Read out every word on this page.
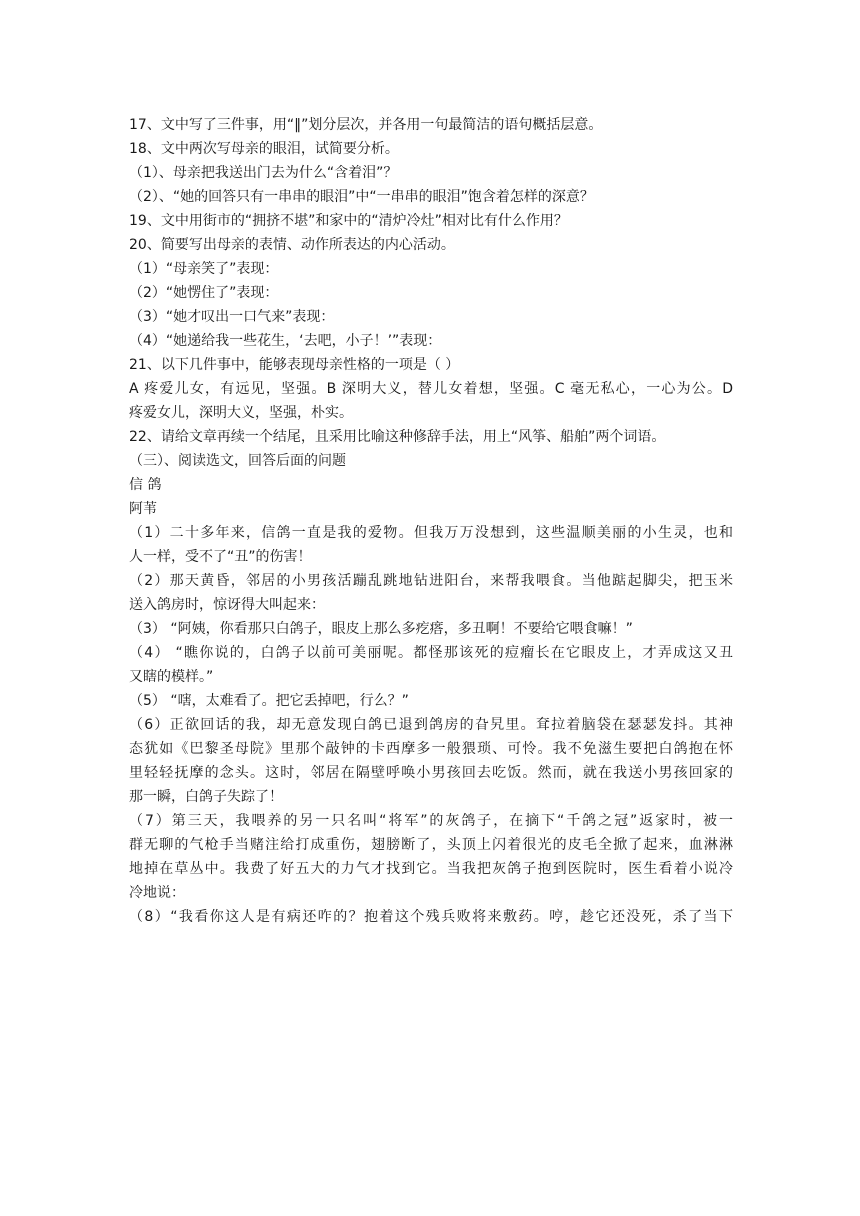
17、文中写了三件事，用“‖”划分层次，并各用一句最简洁的语句概括层意。
18、文中两次写母亲的眼泪，试简要分析。
（1）、母亲把我送出门去为什么“含着泪”？
（2）、“她的回答只有一串串的眼泪”中“一串串的眼泪”饱含着怎样的深意？
19、文中用街市的“拥挤不堪”和家中的“清炉冷灶”相对比有什么作用？
20、简要写出母亲的表情、动作所表达的内心活动。
（1）“母亲笑了”表现：
（2）“她愣住了”表现：
（3）“她才叹出一口气来”表现：
（4）“她递给我一些花生，‘去吧，小子！’”表现：
21、以下几件事中，能够表现母亲性格的一项是（ ）
A 疼爱儿女，有远见，坚强。B 深明大义，替儿女着想，坚强。C 毫无私心，一心为公。D
疼爱女儿，深明大义，坚强，朴实。
22、请给文章再续一个结尾，且采用比喻这种修辞手法，用上“风筝、船舶”两个词语。
（三）、阅读选文，回答后面的问题
信 鸽
阿苇
（1）二十多年来，信鸽一直是我的爱物。但我万万没想到，这些温顺美丽的小生灵，也和
人一样，受不了“丑”的伤害！
（2）那天黄昏，邻居的小男孩活蹦乱跳地钻进阳台，来帮我喂食。当他踮起脚尖，把玉米
送入鸽房时，惊讶得大叫起来：
（3） “阿姨，你看那只白鸽子，眼皮上那么多疙瘩，多丑啊！不要给它喂食嘛！”
（4） “瞧你说的，白鸽子以前可美丽呢。都怪那该死的痘瘤长在它眼皮上，才弄成这又丑
又瞎的模样。”
（5） “嗐，太难看了。把它丢掉吧，行么？”
（6）正欲回话的我，却无意发现白鸽已退到鸽房的旮旯里。耷拉着脑袋在瑟瑟发抖。其神
态犹如《巴黎圣母院》里那个敲钟的卡西摩多一般猥琐、可怜。我不免滋生要把白鸽抱在怀
里轻轻抚摩的念头。这时，邻居在隔壁呼唤小男孩回去吃饭。然而，就在我送小男孩回家的
那一瞬，白鸽子失踪了！
（7）第三天，我喂养的另一只名叫“将军”的灰鸽子，在摘下“千鸽之冠”返家时，被一
群无聊的气枪手当赌注给打成重伤，翅膀断了，头顶上闪着很光的皮毛全掀了起来，血淋淋
地掉在草丛中。我费了好五大的力气才找到它。当我把灰鸽子抱到医院时，医生看着小说冷
冷地说：
（8）“我看你这人是有病还咋的？抱着这个残兵败将来敷药。哼，趁它还没死，杀了当下
